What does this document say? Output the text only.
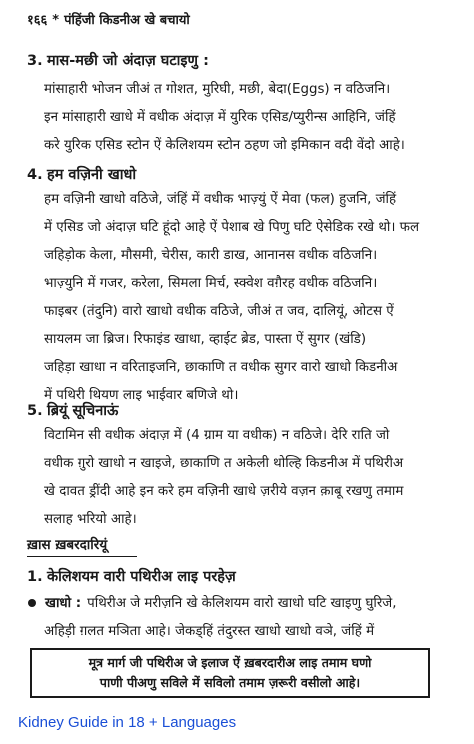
१६६ * पंहिंजी किडनीअ खे बचायो
3. मास-मछी जो अंदाज़ घटाइणु :
मांसाहारी भोजन जीअं त गोशत, मुरिघी, मछी, बेदा(Eggs) न वठिजनि।
इन मांसाहारी खाधे में वधीक अंदाज़ में युरिक एसिड/प्युरीन्स आहिनि, जंहिं
करे युरिक एसिड स्टोन ऐं केलिशयम स्टोन ठहण जो इमिकान वदी वेंदो आहे।
4. हम वज़िनी खाधो
हम वज़िनी खाधो वठिजे, जंहिं में वधीक भाज़्युं ऐं मेवा (फल) हुजनि, जंहिं
में एसिड जो अंदाज़ घटि हूंदो आहे ऐं पेशाब खे पिणु घटि ऐसेडिक रखे थो। फल
जहिड़ोक केला, मौसमी, चेरीस, कारी डाख, आनानस वधीक वठिजनि।
भाज़्युनि में गजर, करेला, सिमला मिर्च, स्क्वेश वग़ैरह वधीक वठिजनि।
फाइबर (तंदुनि) वारो खाधो वधीक वठिजे, जीअं त जव, दालियूं, ओटस ऐं
सायलम जा ब्रिज। रिफाइंड खाधा, व्हाईट ब्रेड, पास्ता ऐं सुगर (खंडि)
जहिड़ा खाधा न वरिताइजनि, छाकाणि त वधीक सुगर वारो खाधो किडनीअ
में पथिरी थियण लाइ भाईवार बणिजे थो।
5. ब्रियूं सूचिनाऊं
विटामिन सी वधीक अंदाज़ में (4 ग्राम या वधीक) न वठिजे। देरि राति जो
वधीक ग़ुरो खाधो न खाइजे, छाकाणि त अकेली थोल्हि किडनीअ में पथिरीअ
खे दावत ड्रींदी आहे इन करे हम वज़िनी खाधे ज़रीये वज़न क़ाबू रखणु तमाम
सलाह भरियो आहे।
ख़ास ख़बरदारियूं
1. केलिशयम वारी पथिरीअ लाइ परहेज़
खाधो : पथिरीअ जे मरीज़नि खे केलिशयम वारो खाधो घटि खाइणु घुरिजे,
अहिड़ी ग़लत मञिता आहे। जेकड्हिं तंदुरस्त खाधो खाधो वञे, जंहिं में
मूत्र मार्ग जी पथिरीअ जे इलाज ऐं ख़बरदारीअ लाइ तमाम घणो
पाणी पीअणु सविले में सविलो तमाम ज़रूरी वसीलो आहे।
Kidney Guide in 18 + Languages
